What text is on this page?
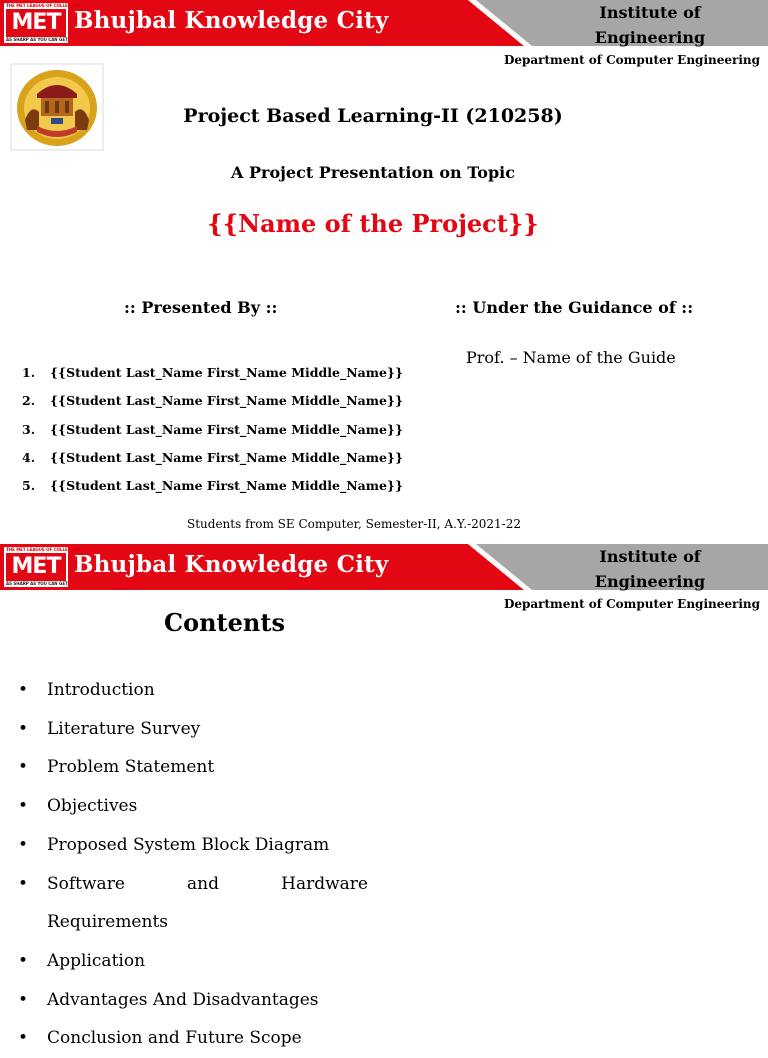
THE MET LEAGUE OF COLLEGES
MET
AS SHARP AS YOU CAN GET
Bhujbal Knowledge City	Institute of
Engineering
Department of Computer Engineering
Project Based Learning-II (210258)
A Project Presentation on Topic
{{Name of the Project}}
:: Presented By ::	:: Under the Guidance of ::
Prof. – Name of the Guide
1.	{{Student Last_Name First_Name Middle_Name}}
2.	{{Student Last_Name First_Name Middle_Name}}
3.	{{Student Last_Name First_Name Middle_Name}}
4.	{{Student Last_Name First_Name Middle_Name}}
5.	{{Student Last_Name First_Name Middle_Name}}
Students from SE Computer, Semester-II, A.Y.-2021-22
THE MET LEAGUE OF COLLEGES
MET
AS SHARP AS YOU CAN GET
Bhujbal Knowledge City	Institute of
Engineering
Department of Computer Engineering
Contents
•	Introduction
•	Literature Survey
•	Problem Statement
•	Objectives
•	Proposed System Block Diagram
•	Software	and	Hardware
Requirements
•	Application
•	Advantages And Disadvantages
•	Conclusion and Future Scope
